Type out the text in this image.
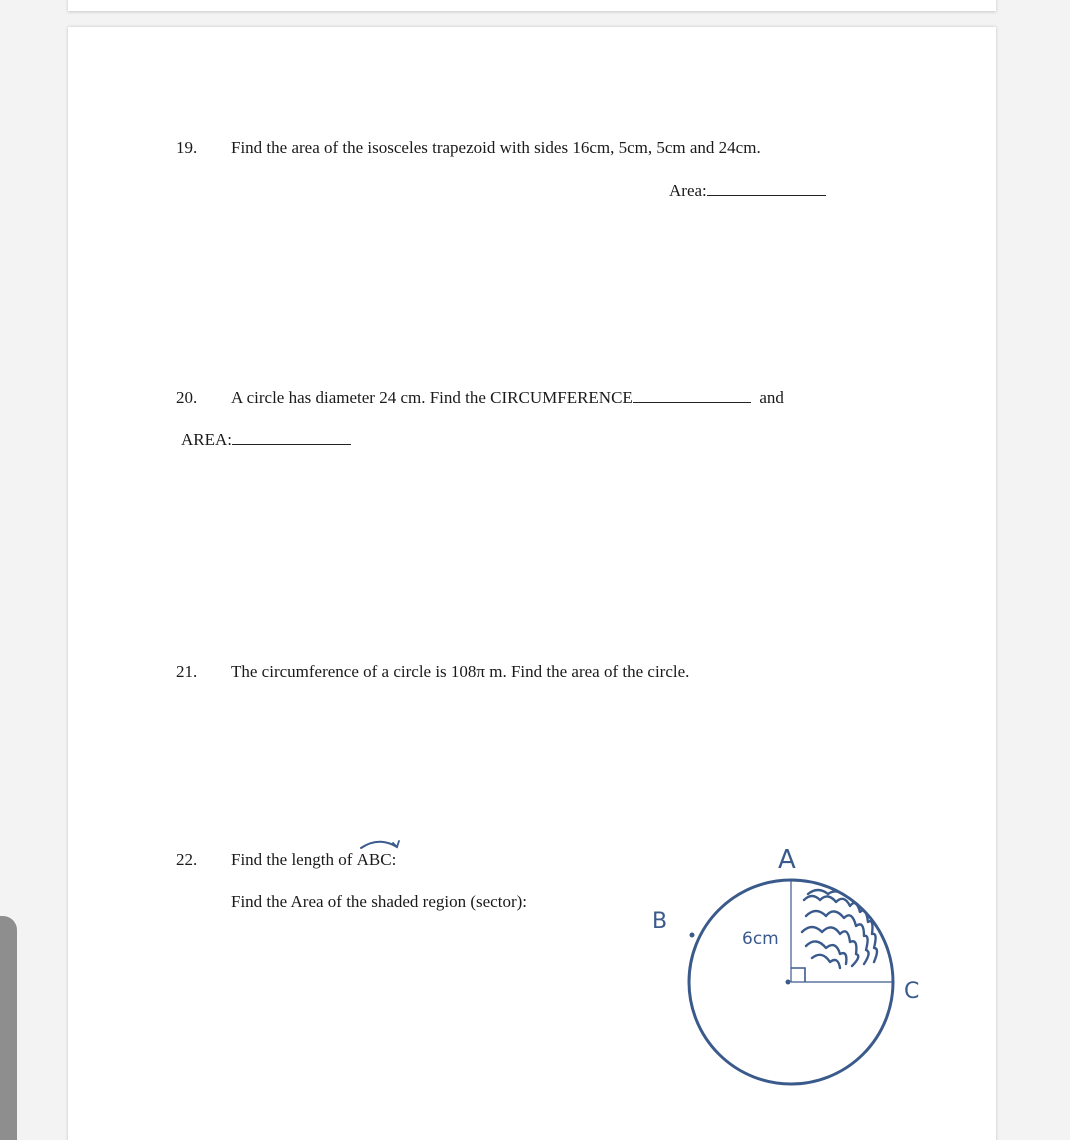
19. Find the area of the isosceles trapezoid with sides 16cm, 5cm, 5cm and 24cm.
Area:
20. A circle has diameter 24 cm. Find the CIRCUMFERENCE	and
AREA:
21. The circumference of a circle is 108π m. Find the area of the circle.
22. Find the length of ABC:
Find the Area of the shaded region (sector):
A
B
C
6cm
